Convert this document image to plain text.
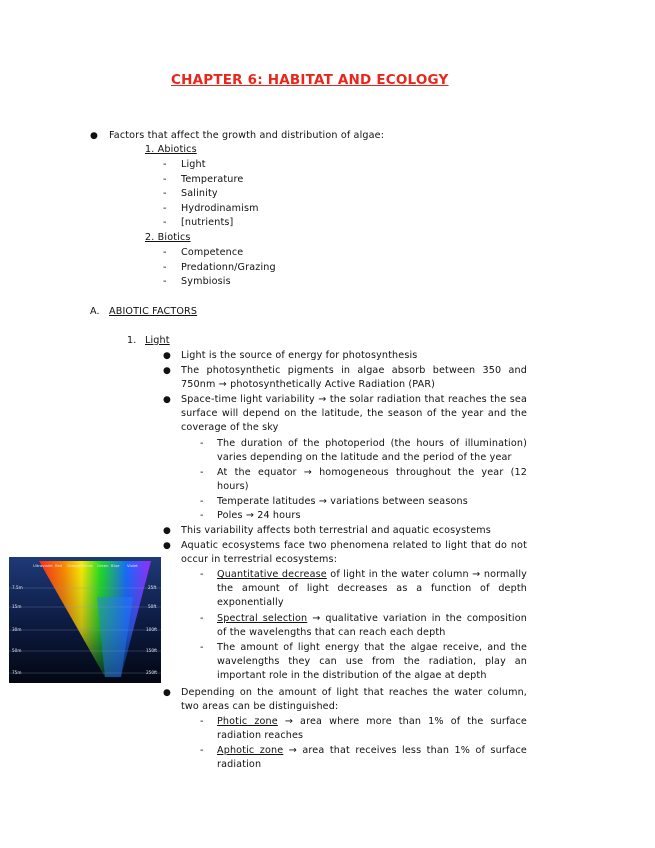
CHAPTER 6: HABITAT AND ECOLOGY
● Factors that affect the growth and distribution of algae:
1. Abiotics
- Light
- Temperature
- Salinity
- Hydrodinamism
- [nutrients]
2. Biotics
- Competence
- Predationn/Grazing
- Symbiosis
A. ABIOTIC FACTORS
1. Light
● Light is the source of energy for photosynthesis
● The photosynthetic pigments in algae absorb between 350 and 750nm → photosynthetically Active Radiation (PAR)
● Space-time light variability → the solar radiation that reaches the sea surface will depend on the latitude, the season of the year and the coverage of the sky
- The duration of the photoperiod (the hours of illumination) varies depending on the latitude and the period of the year
- At the equator → homogeneous throughout the year (12 hours)
- Temperate latitudes → variations between seasons
- Poles → 24 hours
● This variability affects both terrestrial and aquatic ecosystems
● Aquatic ecosystems face two phenomena related to light that do not occur in terrestrial ecosystems:
- Quantitative decrease of light in the water column → normally the amount of light decreases as a function of depth exponentially
- Spectral selection → qualitative variation in the composition of the wavelengths that can reach each depth
- The amount of light energy that the algae receive, and the wavelengths they can use from the radiation, play an important role in the distribution of the algae at depth
● Depending on the amount of light that reaches the water column, two areas can be distinguished:
- Photic zone → area where more than 1% of the surface radiation reaches
- Aphotic zone → area that receives less than 1% of surface radiation
Ultraviolet Red Orange Yellow Green Blue Violet
7.5m
15m
30m
50m
75m
25ft
50ft
100ft
150ft
250ft
